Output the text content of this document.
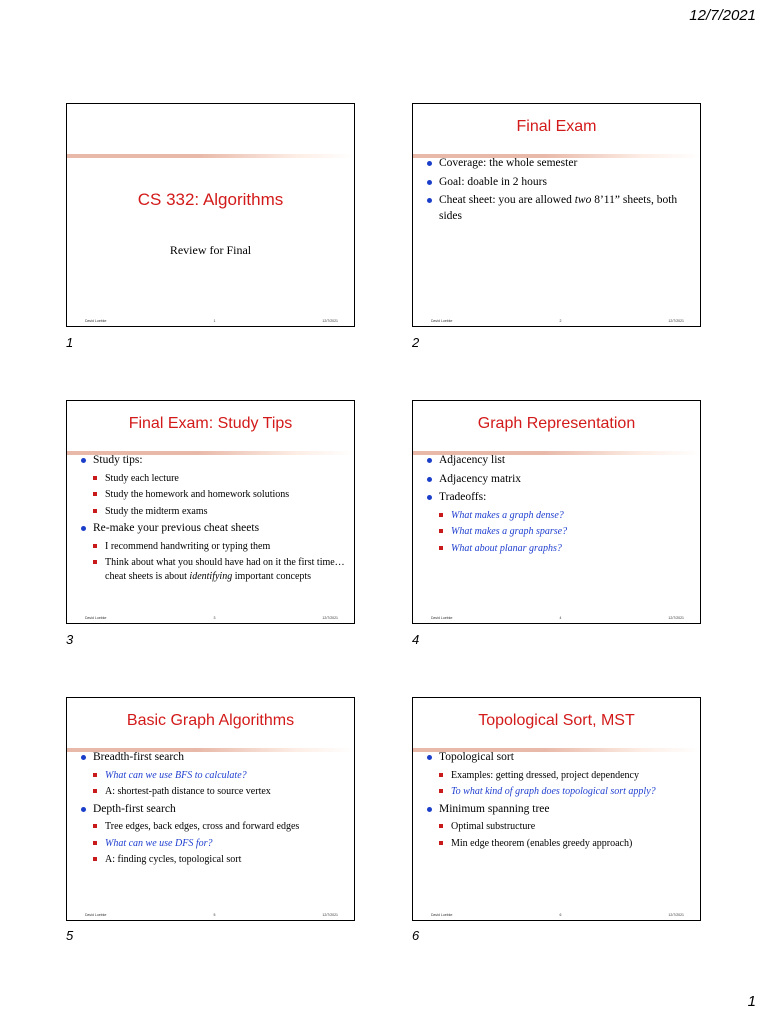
12/7/2021
CS 332: Algorithms
Review for Final
David Luebke	1	12/7/2021
1
Final Exam
Coverage: the whole semester
Goal: doable in 2 hours
Cheat sheet: you are allowed two 8’11” sheets, both sides
David Luebke	2	12/7/2021
2
Final Exam: Study Tips
Study tips:
Study each lecture
Study the homework and homework solutions
Study the midterm exams
Re-make your previous cheat sheets
I recommend handwriting or typing them
Think about what you should have had on it the first time…cheat sheets is about identifying important concepts
David Luebke	3	12/7/2021
3
Graph Representation
Adjacency list
Adjacency matrix
Tradeoffs:
What makes a graph dense?
What makes a graph sparse?
What about planar graphs?
David Luebke	4	12/7/2021
4
Basic Graph Algorithms
Breadth-first search
What can we use BFS to calculate?
A: shortest-path distance to source vertex
Depth-first search
Tree edges, back edges, cross and forward edges
What can we use DFS for?
A: finding cycles, topological sort
David Luebke	5	12/7/2021
5
Topological Sort, MST
Topological sort
Examples: getting dressed, project dependency
To what kind of graph does topological sort apply?
Minimum spanning tree
Optimal substructure
Min edge theorem (enables greedy approach)
David Luebke	6	12/7/2021
6
1
